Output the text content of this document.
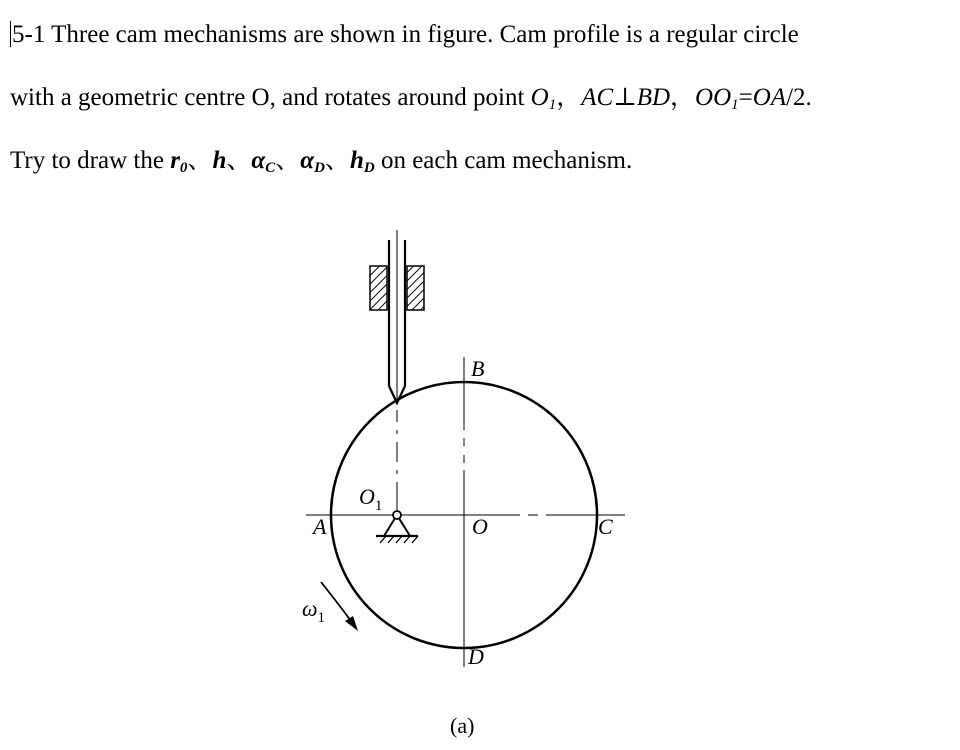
5-1 Three cam mechanisms are shown in figure. Cam profile is a regular circle
with a geometric centre O, and rotates around point $O_1$，AC⊥BD，$OO_1=OA/2$.
Try to draw the $r_0$、h、$\alpha_C$、$\alpha_D$、$h_D$ on each cam mechanism.
B
A	O	C
D
$O_1$
$\omega_1$
(a)
